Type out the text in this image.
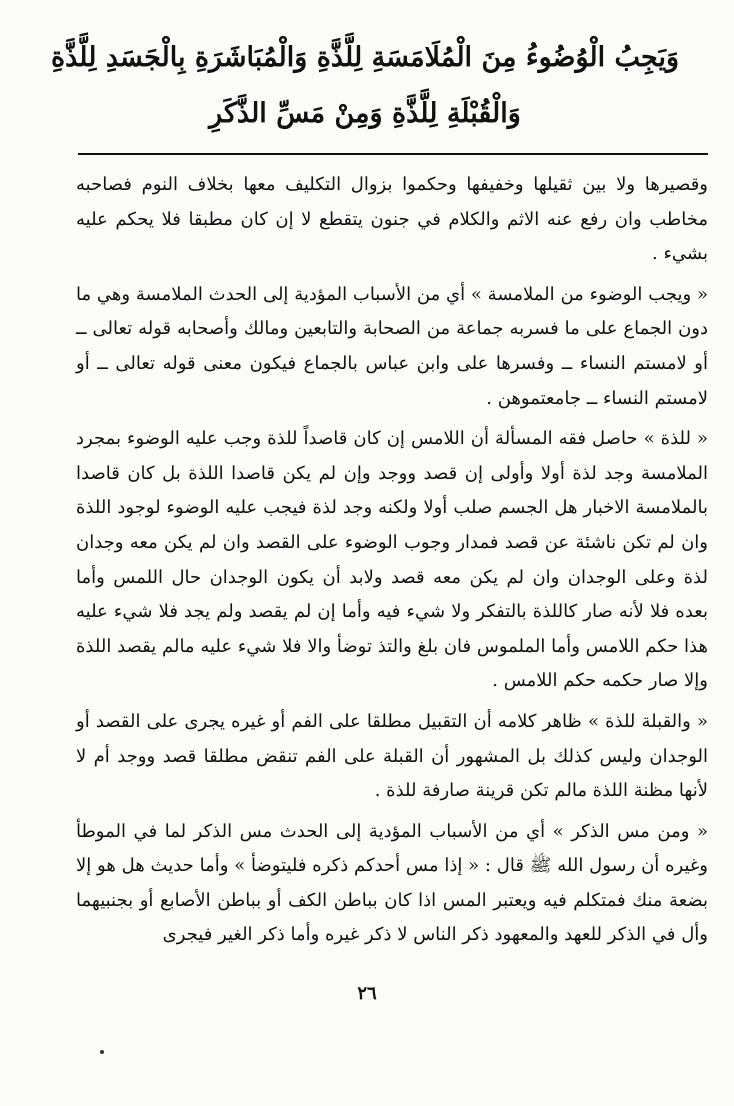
وَيَجِبُ الْوُضُوءُ مِنَ الْمُلَامَسَةِ لِلَّذَّةِ وَالْمُبَاشَرَةِ بِالْجَسَدِ لِلَّذَّةِ
وَالْقُبْلَةِ لِلَّذَّةِ وَمِنْ مَسِّ الذَّكَرِ

وقصيرها ولا بين ثقيلها وخفيفها وحكموا بزوال التكليف معها بخلاف النوم فصاحبه مخاطب وان رفع عنه الاثم والكلام في جنون يتقطع لا إن كان مطبقا فلا يحكم عليه بشيء .

« ويجب الوضوء من الملامسة » أي من الأسباب المؤدية إلى الحدث الملامسة وهي ما دون الجماع على ما فسربه جماعة من الصحابة والتابعين ومالك وأصحابه قوله تعالى ــ أو لامستم النساء ــ وفسرها على وابن عباس بالجماع فيكون معنى قوله تعالى ــ أو لامستم النساء ــ جامعتموهن .

« للذة » حاصل فقه المسألة أن اللامس إن كان قاصداً للذة وجب عليه الوضوء بمجرد الملامسة وجد لذة أولا وأولى إن قصد ووجد وإن لم يكن قاصدا اللذة بل كان قاصدا بالملامسة الاخبار هل الجسم صلب أولا ولكنه وجد لذة فيجب عليه الوضوء لوجود اللذة وان لم تكن ناشئة عن قصد فمدار وجوب الوضوء على القصد وان لم يكن معه وجدان لذة وعلى الوجدان وان لم يكن معه قصد ولابد أن يكون الوجدان حال اللمس وأما بعده فلا لأنه صار كاللذة بالتفكر ولا شيء فيه وأما إن لم يقصد ولم يجد فلا شيء عليه هذا حكم اللامس وأما الملموس فان بلغ والتذ توضأ والا فلا شيء عليه مالم يقصد اللذة وإلا صار حكمه حكم اللامس .

« والقبلة للذة » ظاهر كلامه أن التقبيل مطلقا على الفم أو غيره يجرى على القصد أو الوجدان وليس كذلك بل المشهور أن القبلة على الفم تنقض مطلقا قصد ووجد أم لا لأنها مظنة اللذة مالم تكن قرينة صارفة للذة .

« ومن مس الذكر » أي من الأسباب المؤدية إلى الحدث مس الذكر لما في الموطأ وغيره أن رسول الله ﷺ قال : « إذا مس أحدكم ذكره فليتوضأ » وأما حديث هل هو إلا بضعة منك فمتكلم فيه ويعتبر المس اذا كان بباطن الكف أو بباطن الأصابع أو بجنبيهما وأل في الذكر للعهد والمعهود ذكر الناس لا ذكر غيره وأما ذكر الغير فيجرى

٢٦
